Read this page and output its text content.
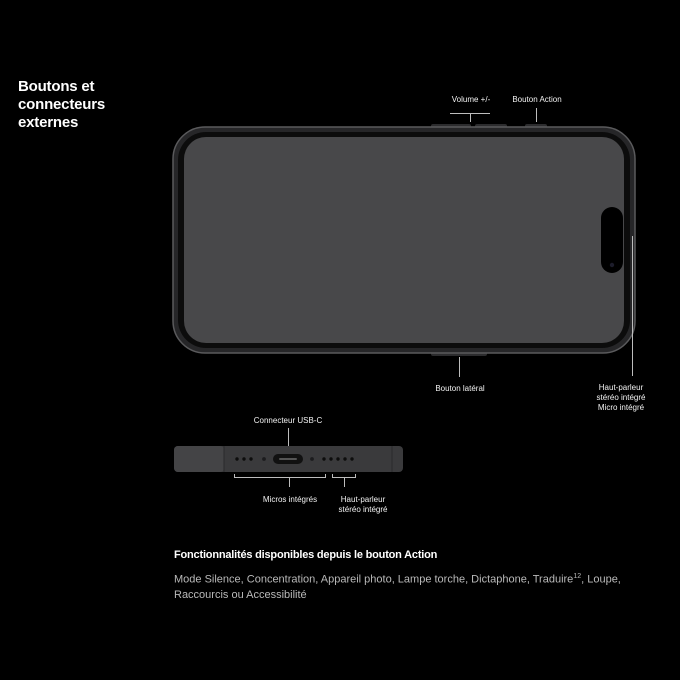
Boutons et
connecteurs
externes
Volume +/-	Bouton Action
Bouton latéral	Haut-parleur
stéréo intégré
Micro intégré
Connecteur USB-C
Micros intégrés	Haut-parleur
stéréo intégré
Fonctionnalités disponibles depuis le bouton Action
Mode Silence, Concentration, Appareil photo, Lampe torche, Dictaphone, Traduire$^{12}$, Loupe, Raccourcis ou Accessibilité
